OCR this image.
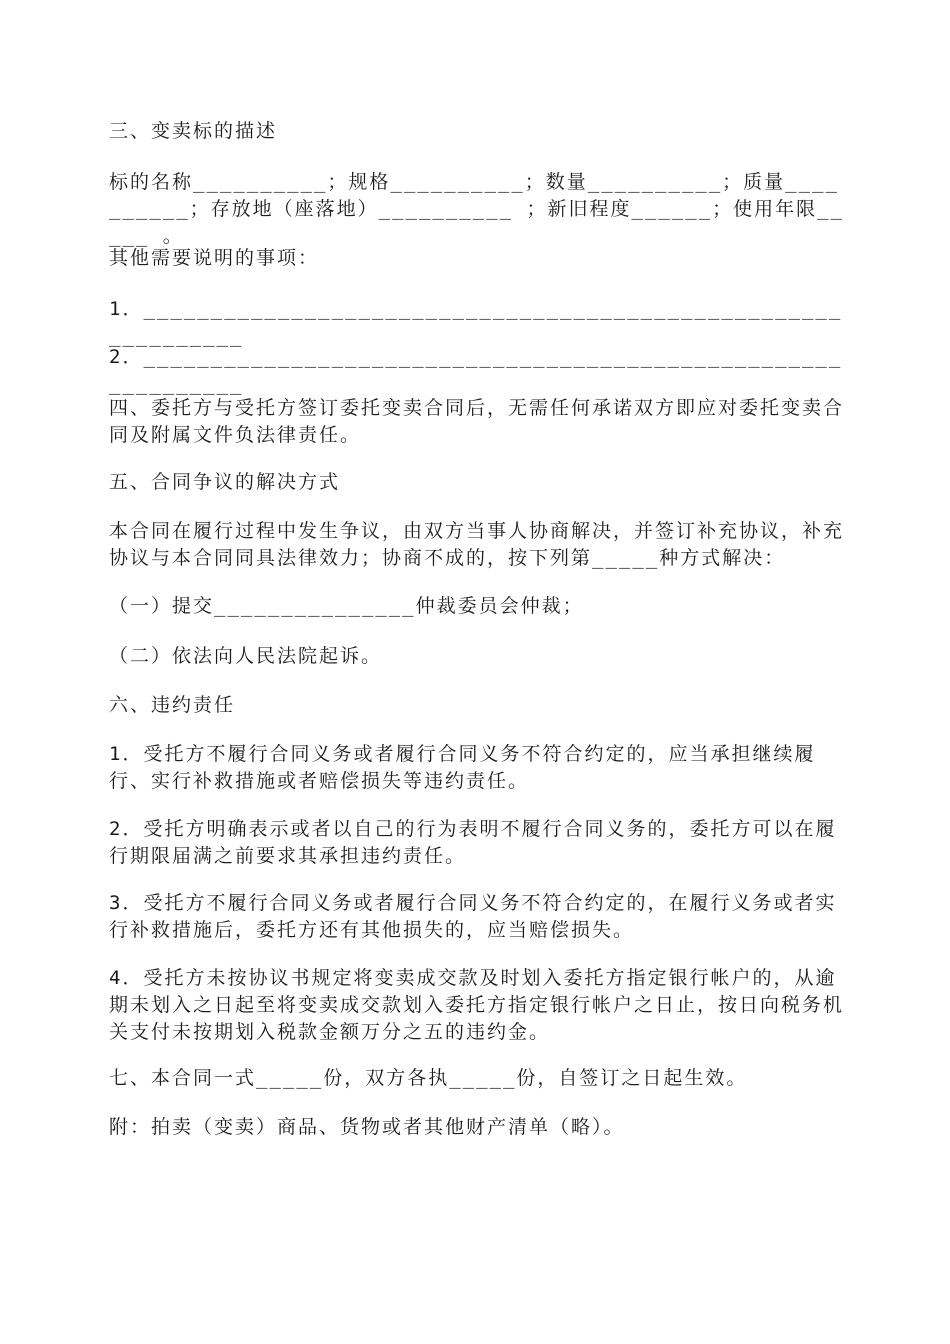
三、变卖标的描述

标的名称__________；规格__________；数量__________；质量__________；存放地（座落地）__________ ；新旧程度______；使用年限_____ 。

其他需要说明的事项：

1．______________________________________________________________

2．______________________________________________________________

四、委托方与受托方签订委托变卖合同后，无需任何承诺双方即应对委托变卖合同及附属文件负法律责任。

五、合同争议的解决方式

本合同在履行过程中发生争议，由双方当事人协商解决，并签订补充协议，补充协议与本合同同具法律效力；协商不成的，按下列第_____种方式解决：

（一）提交_______________仲裁委员会仲裁；

（二）依法向人民法院起诉。

六、违约责任

1．受托方不履行合同义务或者履行合同义务不符合约定的，应当承担继续履行、实行补救措施或者赔偿损失等违约责任。

2．受托方明确表示或者以自己的行为表明不履行合同义务的，委托方可以在履行期限届满之前要求其承担违约责任。

3．受托方不履行合同义务或者履行合同义务不符合约定的，在履行义务或者实行补救措施后，委托方还有其他损失的，应当赔偿损失。

4．受托方未按协议书规定将变卖成交款及时划入委托方指定银行帐户的，从逾期未划入之日起至将变卖成交款划入委托方指定银行帐户之日止，按日向税务机关支付未按期划入税款金额万分之五的违约金。

七、本合同一式_____份，双方各执_____份，自签订之日起生效。

附：拍卖（变卖）商品、货物或者其他财产清单（略）。
